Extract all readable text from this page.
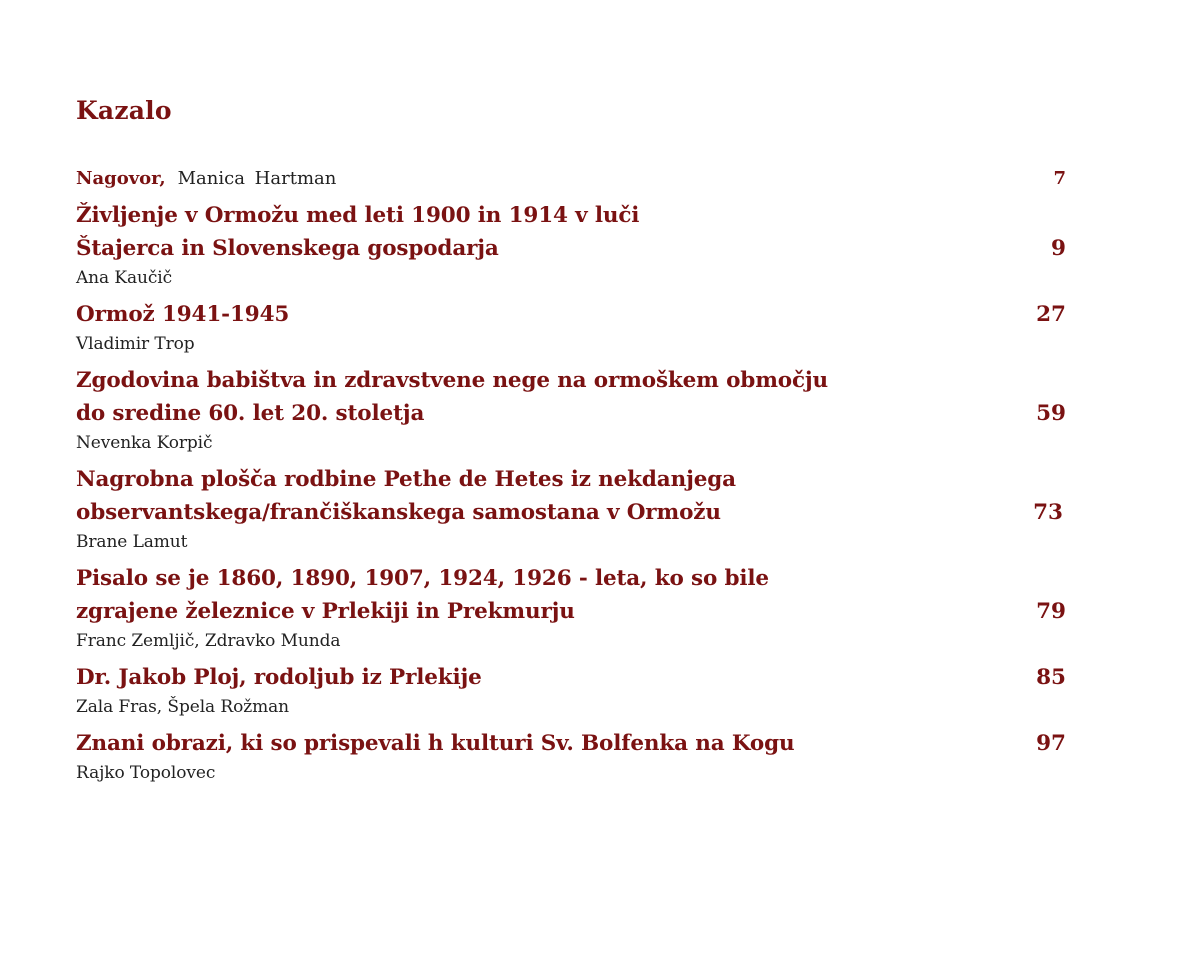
Kazalo
Nagovor, Manica Hartman	7
Življenje v Ormožu med leti 1900 in 1914 v luči
Štajerca in Slovenskega gospodarja
Ana Kaučič
9
Ormož 1941-1945
Vladimir Trop
27
Zgodovina babištva in zdravstvene nege na ormoškem območju
do sredine 60. let 20. stoletja
Nevenka Korpič
59
Nagrobna plošča rodbine Pethe de Hetes iz nekdanjega
observantskega/frančiškanskega samostana v Ormožu
Brane Lamut
73
Pisalo se je 1860, 1890, 1907, 1924, 1926 - leta, ko so bile
zgrajene železnice v Prlekiji in Prekmurju
Franc Zemljič, Zdravko Munda
79
Dr. Jakob Ploj, rodoljub iz Prlekije
Zala Fras, Špela Rožman
85
Znani obrazi, ki so prispevali h kulturi Sv. Bolfenka na Kogu
Rajko Topolovec
97
